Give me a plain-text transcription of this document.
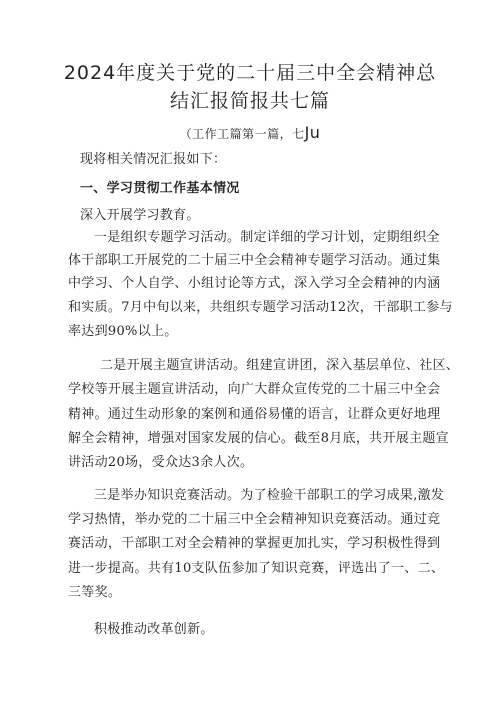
2024年度关于党的二十届三中全会精神总
结汇报简报共七篇
（工作工篇第一篇，七Ju
现将相关情况汇报如下：
一、学习贯彻工作基本情况
深入开展学习教育。
一是组织专题学习活动。制定详细的学习计划，定期组织全
体干部职工开展党的二十届三中全会精神专题学习活动。通过集
中学习、个人自学、小组讨论等方式，深入学习全会精神的内涵
和实质。7月中旬以来，共组织专题学习活动12次，干部职工参与
率达到90%以上。
二是开展主题宣讲活动。组建宣讲团，深入基层单位、社区、
学校等开展主题宣讲活动，向广大群众宣传党的二十届三中全会
精神。通过生动形象的案例和通俗易懂的语言，让群众更好地理
解全会精神，增强对国家发展的信心。截至8月底，共开展主题宣
讲活动20场，受众达3余人次。
三是举办知识竞赛活动。为了检验干部职工的学习成果,激发
学习热情，举办党的二十届三中全会精神知识竞赛活动。通过竞
赛活动，干部职工对全会精神的掌握更加扎实，学习积极性得到
进一步提高。共有10支队伍参加了知识竞赛，评选出了一、二、
三等奖。
积极推动改革创新。
